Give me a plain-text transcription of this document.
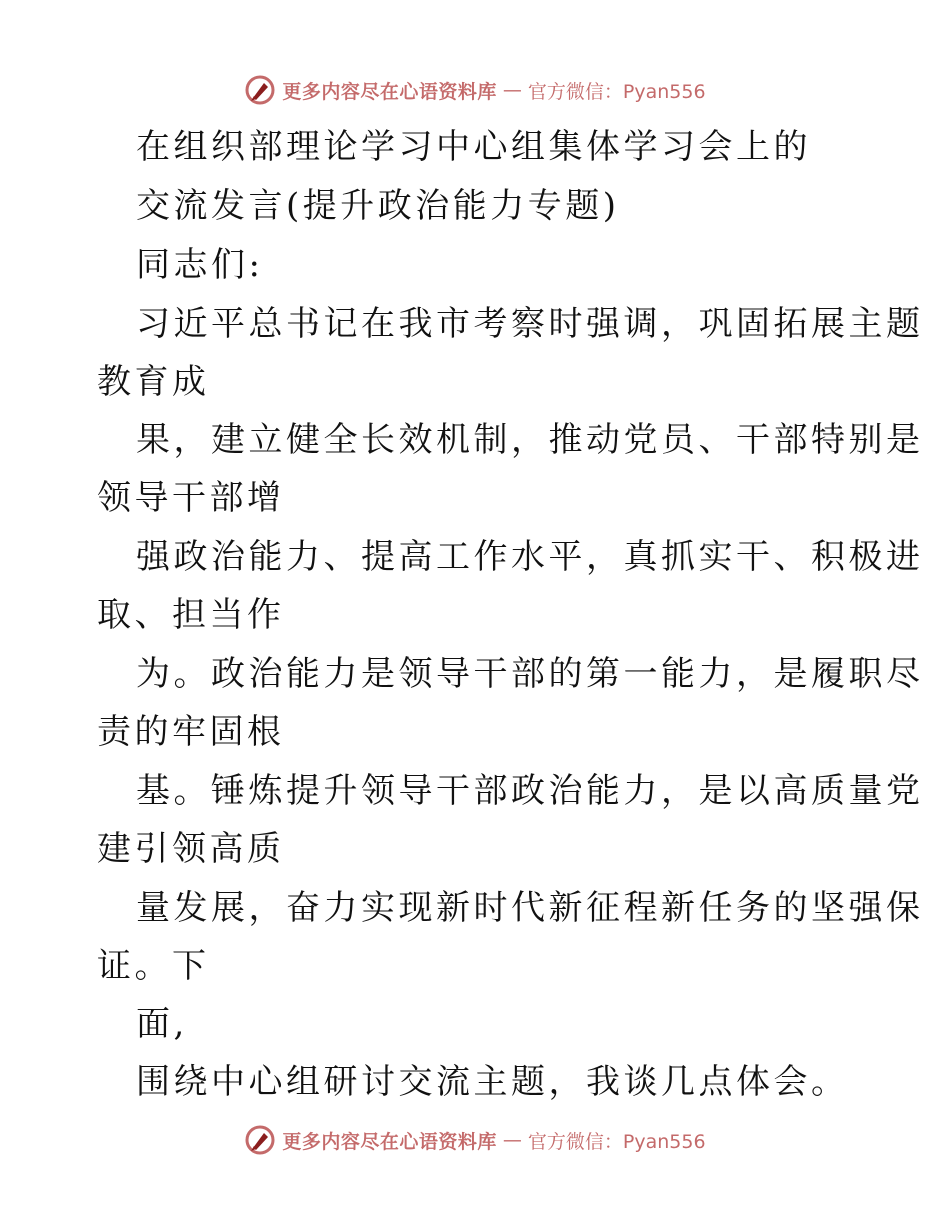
更多内容尽在心语资料库 — 官方微信：Pyan556
在组织部理论学习中心组集体学习会上的
交流发言(提升政治能力专题)
同志们:
习近平总书记在我市考察时强调，巩固拓展主题
教育成
果，建立健全长效机制，推动党员、干部特别是
领导干部增
强政治能力、提高工作水平，真抓实干、积极进
取、担当作
为。政治能力是领导干部的第一能力，是履职尽
责的牢固根
基。锤炼提升领导干部政治能力，是以高质量党
建引领高质
量发展，奋力实现新时代新征程新任务的坚强保
证。下
面,
围绕中心组研讨交流主题，我谈几点体会。
更多内容尽在心语资料库 — 官方微信：Pyan556
